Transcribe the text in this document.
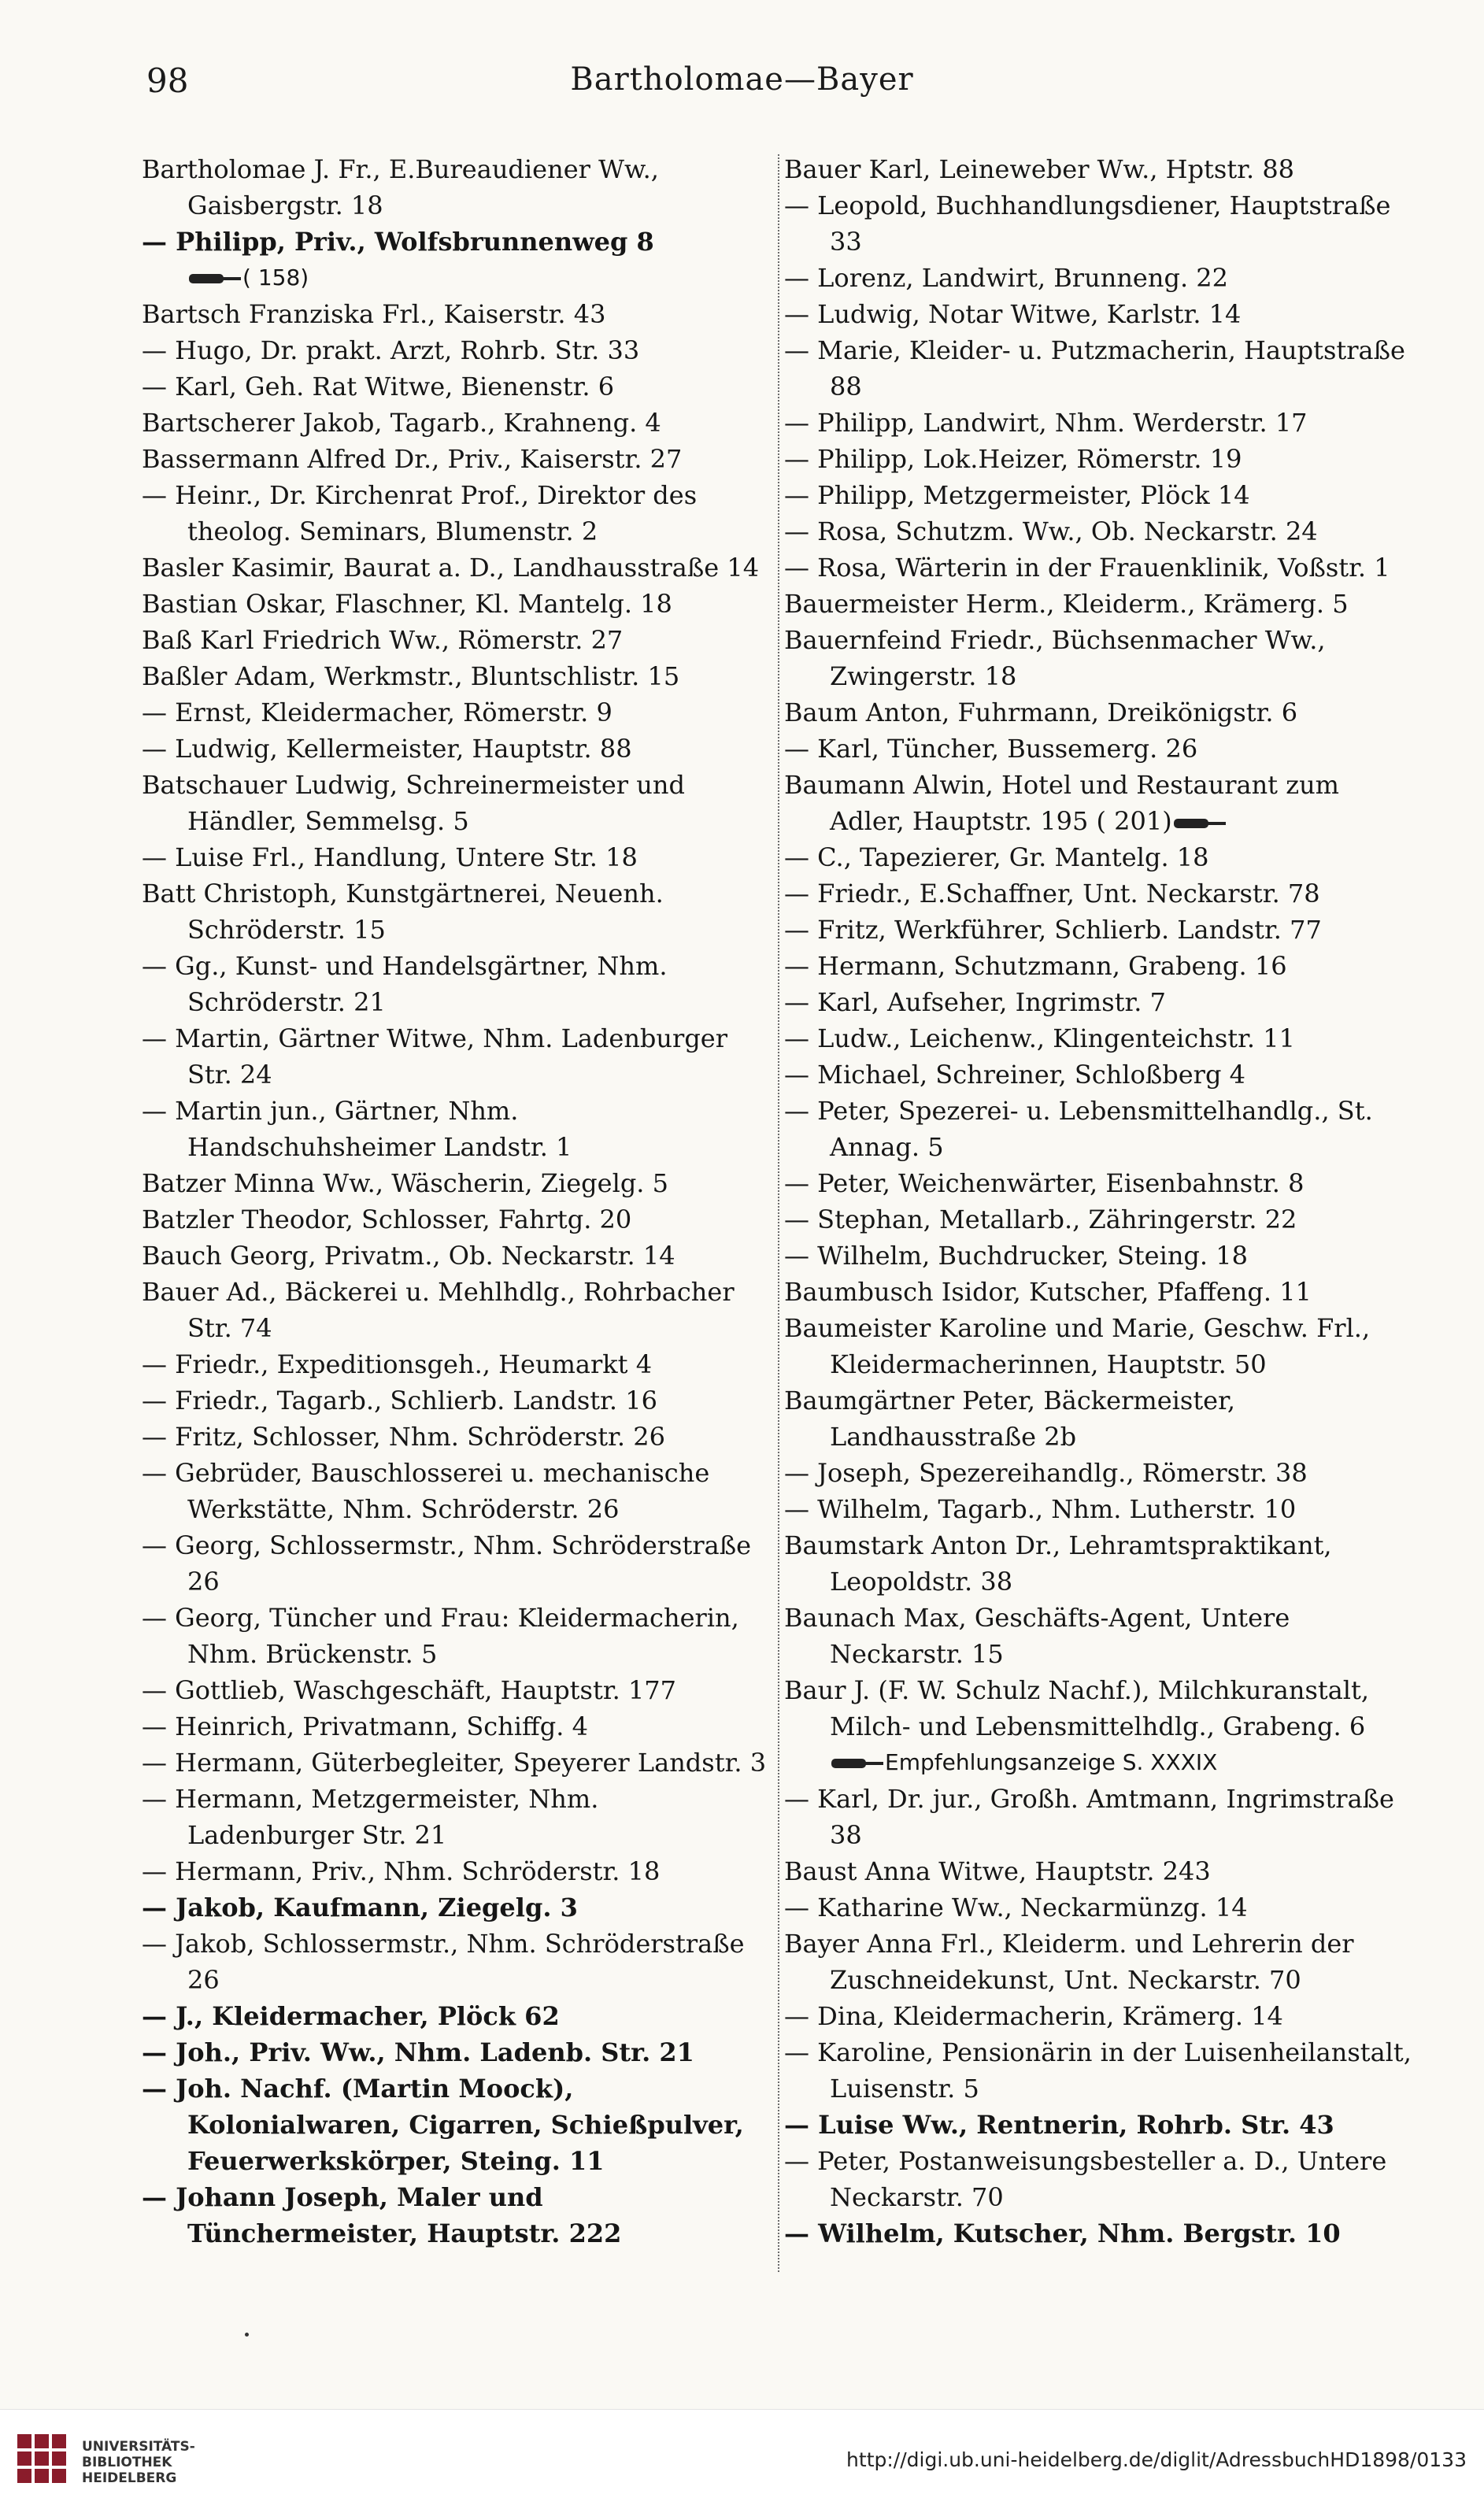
98	Bartholomae—Bayer
Bartholomae J. Fr., E.Bureaudiener Ww., Gaisbergstr. 18
— Philipp, Priv., Wolfsbrunnenweg 8
( 158)
Bartsch Franziska Frl., Kaiserstr. 43
— Hugo, Dr. prakt. Arzt, Rohrb. Str. 33
— Karl, Geh. Rat Witwe, Bienenstr. 6
Bartscherer Jakob, Tagarb., Krahneng. 4
Bassermann Alfred Dr., Priv., Kaiserstr. 27
— Heinr., Dr. Kirchenrat Prof., Direktor des theolog. Seminars, Blumenstr. 2
Basler Kasimir, Baurat a. D., Landhausstraße 14
Bastian Oskar, Flaschner, Kl. Mantelg. 18
Baß Karl Friedrich Ww., Römerstr. 27
Baßler Adam, Werkmstr., Bluntschlistr. 15
— Ernst, Kleidermacher, Römerstr. 9
— Ludwig, Kellermeister, Hauptstr. 88
Batschauer Ludwig, Schreinermeister und Händler, Semmelsg. 5
— Luise Frl., Handlung, Untere Str. 18
Batt Christoph, Kunstgärtnerei, Neuenh. Schröderstr. 15
— Gg., Kunst- und Handelsgärtner, Nhm. Schröderstr. 21
— Martin, Gärtner Witwe, Nhm. Ladenburger Str. 24
— Martin jun., Gärtner, Nhm. Handschuhsheimer Landstr. 1
Batzer Minna Ww., Wäscherin, Ziegelg. 5
Batzler Theodor, Schlosser, Fahrtg. 20
Bauch Georg, Privatm., Ob. Neckarstr. 14
Bauer Ad., Bäckerei u. Mehlhdlg., Rohrbacher Str. 74
— Friedr., Expeditionsgeh., Heumarkt 4
— Friedr., Tagarb., Schlierb. Landstr. 16
— Fritz, Schlosser, Nhm. Schröderstr. 26
— Gebrüder, Bauschlosserei u. mechanische Werkstätte, Nhm. Schröderstr. 26
— Georg, Schlossermstr., Nhm. Schröderstraße 26
— Georg, Tüncher und Frau: Kleidermacherin, Nhm. Brückenstr. 5
— Gottlieb, Waschgeschäft, Hauptstr. 177
— Heinrich, Privatmann, Schiffg. 4
— Hermann, Güterbegleiter, Speyerer Landstr. 3
— Hermann, Metzgermeister, Nhm. Ladenburger Str. 21
— Hermann, Priv., Nhm. Schröderstr. 18
— Jakob, Kaufmann, Ziegelg. 3
— Jakob, Schlossermstr., Nhm. Schröderstraße 26
— J., Kleidermacher, Plöck 62
— Joh., Priv. Ww., Nhm. Ladenb. Str. 21
— Joh. Nachf. (Martin Moock), Kolonialwaren, Cigarren, Schießpulver, Feuerwerkskörper, Steing. 11
— Johann Joseph, Maler und Tünchermeister, Hauptstr. 222
Bauer Karl, Leineweber Ww., Hptstr. 88
— Leopold, Buchhandlungsdiener, Hauptstraße 33
— Lorenz, Landwirt, Brunneng. 22
— Ludwig, Notar Witwe, Karlstr. 14
— Marie, Kleider- u. Putzmacherin, Hauptstraße 88
— Philipp, Landwirt, Nhm. Werderstr. 17
— Philipp, Lok.Heizer, Römerstr. 19
— Philipp, Metzgermeister, Plöck 14
— Rosa, Schutzm. Ww., Ob. Neckarstr. 24
— Rosa, Wärterin in der Frauenklinik, Voßstr. 1
Bauermeister Herm., Kleiderm., Krämerg. 5
Bauernfeind Friedr., Büchsenmacher Ww., Zwingerstr. 18
Baum Anton, Fuhrmann, Dreikönigstr. 6
— Karl, Tüncher, Bussemerg. 26
Baumann Alwin, Hotel und Restaurant zum Adler, Hauptstr. 195 ( 201)
— C., Tapezierer, Gr. Mantelg. 18
— Friedr., E.Schaffner, Unt. Neckarstr. 78
— Fritz, Werkführer, Schlierb. Landstr. 77
— Hermann, Schutzmann, Grabeng. 16
— Karl, Aufseher, Ingrimstr. 7
— Ludw., Leichenw., Klingenteichstr. 11
— Michael, Schreiner, Schloßberg 4
— Peter, Spezerei- u. Lebensmittelhandlg., St. Annag. 5
— Peter, Weichenwärter, Eisenbahnstr. 8
— Stephan, Metallarb., Zähringerstr. 22
— Wilhelm, Buchdrucker, Steing. 18
Baumbusch Isidor, Kutscher, Pfaffeng. 11
Baumeister Karoline und Marie, Geschw. Frl., Kleidermacherinnen, Hauptstr. 50
Baumgärtner Peter, Bäckermeister, Landhausstraße 2b
— Joseph, Spezereihandlg., Römerstr. 38
— Wilhelm, Tagarb., Nhm. Lutherstr. 10
Baumstark Anton Dr., Lehramtspraktikant, Leopoldstr. 38
Baunach Max, Geschäfts-Agent, Untere Neckarstr. 15
Baur J. (F. W. Schulz Nachf.), Milchkuranstalt, Milch- und Lebensmittelhdlg., Grabeng. 6
Empfehlungsanzeige S. XXXIX
— Karl, Dr. jur., Großh. Amtmann, Ingrimstraße 38
Baust Anna Witwe, Hauptstr. 243
— Katharine Ww., Neckarmünzg. 14
Bayer Anna Frl., Kleiderm. und Lehrerin der Zuschneidekunst, Unt. Neckarstr. 70
— Dina, Kleidermacherin, Krämerg. 14
— Karoline, Pensionärin in der Luisenheilanstalt, Luisenstr. 5
— Luise Ww., Rentnerin, Rohrb. Str. 43
— Peter, Postanweisungsbesteller a. D., Untere Neckarstr. 70
— Wilhelm, Kutscher, Nhm. Bergstr. 10
UNIVERSITÄTS-
BIBLIOTHEK
HEIDELBERG
http://digi.ub.uni-heidelberg.de/diglit/AdressbuchHD1898/0133
